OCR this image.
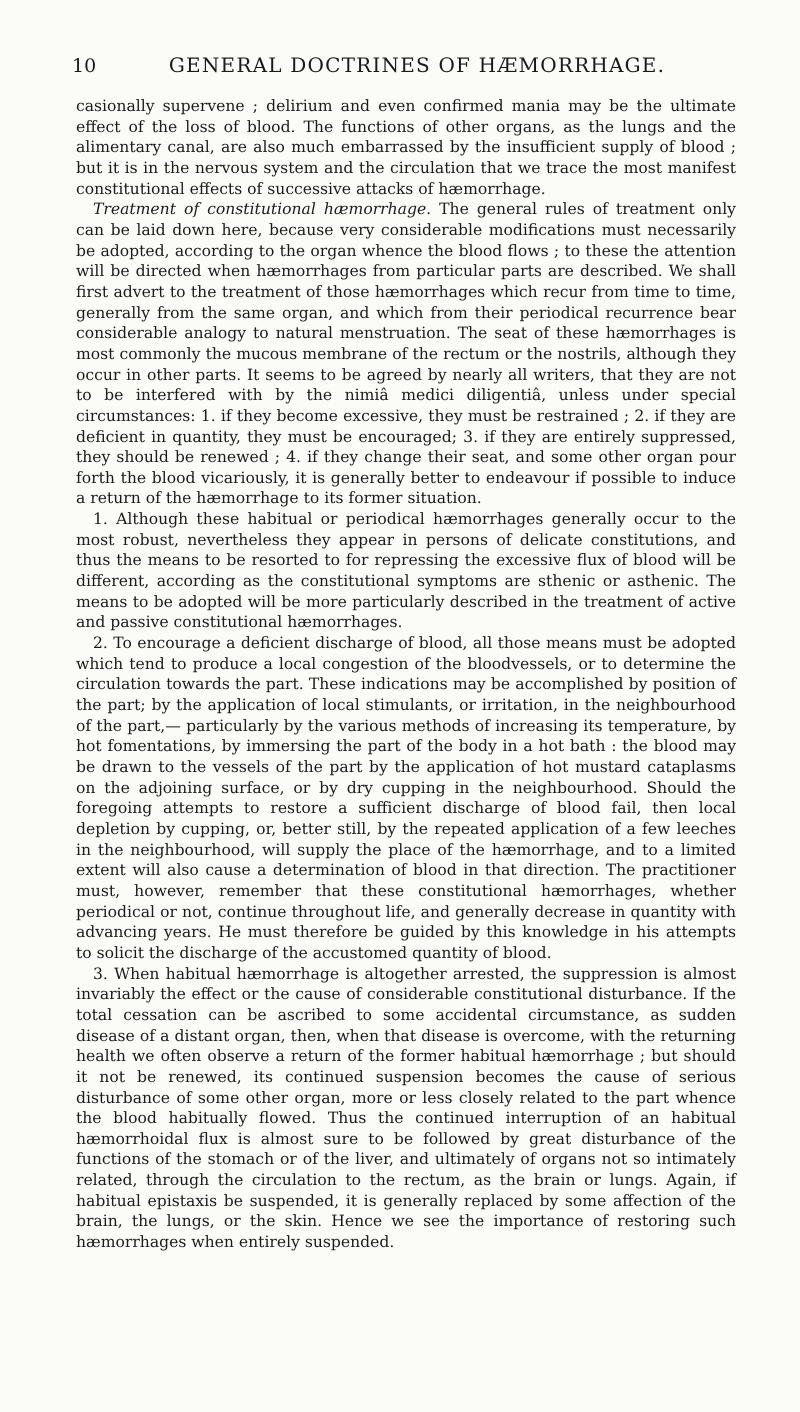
10	GENERAL DOCTRINES OF HÆMORRHAGE.

casionally supervene ; delirium and even confirmed mania may be the ultimate effect of the loss of blood. The functions of other organs, as the lungs and the alimentary canal, are also much embarrassed by the insufficient supply of blood ; but it is in the nervous system and the circulation that we trace the most manifest constitutional effects of successive attacks of hæmorrhage.

Treatment of constitutional hæmorrhage. The general rules of treatment only can be laid down here, because very considerable modifications must necessarily be adopted, according to the organ whence the blood flows ; to these the attention will be directed when hæmorrhages from particular parts are described. We shall first advert to the treatment of those hæmorrhages which recur from time to time, generally from the same organ, and which from their periodical recurrence bear considerable analogy to natural menstruation. The seat of these hæmorrhages is most commonly the mucous membrane of the rectum or the nostrils, although they occur in other parts. It seems to be agreed by nearly all writers, that they are not to be interfered with by the nimiâ medici diligentiâ, unless under special circumstances: 1. if they become excessive, they must be restrained ; 2. if they are deficient in quantity, they must be encouraged; 3. if they are entirely suppressed, they should be renewed ; 4. if they change their seat, and some other organ pour forth the blood vicariously, it is generally better to endeavour if possible to induce a return of the hæmorrhage to its former situation.

1. Although these habitual or periodical hæmorrhages generally occur to the most robust, nevertheless they appear in persons of delicate constitutions, and thus the means to be resorted to for repressing the excessive flux of blood will be different, according as the constitutional symptoms are sthenic or asthenic. The means to be adopted will be more particularly described in the treatment of active and passive constitutional hæmorrhages.

2. To encourage a deficient discharge of blood, all those means must be adopted which tend to produce a local congestion of the bloodvessels, or to determine the circulation towards the part. These indications may be accomplished by position of the part; by the application of local stimulants, or irritation, in the neighbourhood of the part,— particularly by the various methods of increasing its temperature, by hot fomentations, by immersing the part of the body in a hot bath : the blood may be drawn to the vessels of the part by the application of hot mustard cataplasms on the adjoining surface, or by dry cupping in the neighbourhood. Should the foregoing attempts to restore a sufficient discharge of blood fail, then local depletion by cupping, or, better still, by the repeated application of a few leeches in the neighbourhood, will supply the place of the hæmorrhage, and to a limited extent will also cause a determination of blood in that direction. The practitioner must, however, remember that these constitutional hæmorrhages, whether periodical or not, continue throughout life, and generally decrease in quantity with advancing years. He must therefore be guided by this knowledge in his attempts to solicit the discharge of the accustomed quantity of blood.

3. When habitual hæmorrhage is altogether arrested, the suppression is almost invariably the effect or the cause of considerable constitutional disturbance. If the total cessation can be ascribed to some accidental circumstance, as sudden disease of a distant organ, then, when that disease is overcome, with the returning health we often observe a return of the former habitual hæmorrhage ; but should it not be renewed, its continued suspension becomes the cause of serious disturbance of some other organ, more or less closely related to the part whence the blood habitually flowed. Thus the continued interruption of an habitual hæmorrhoidal flux is almost sure to be followed by great disturbance of the functions of the stomach or of the liver, and ultimately of organs not so intimately related, through the circulation to the rectum, as the brain or lungs. Again, if habitual epistaxis be suspended, it is generally replaced by some affection of the brain, the lungs, or the skin. Hence we see the importance of restoring such hæmorrhages when entirely suspended.
